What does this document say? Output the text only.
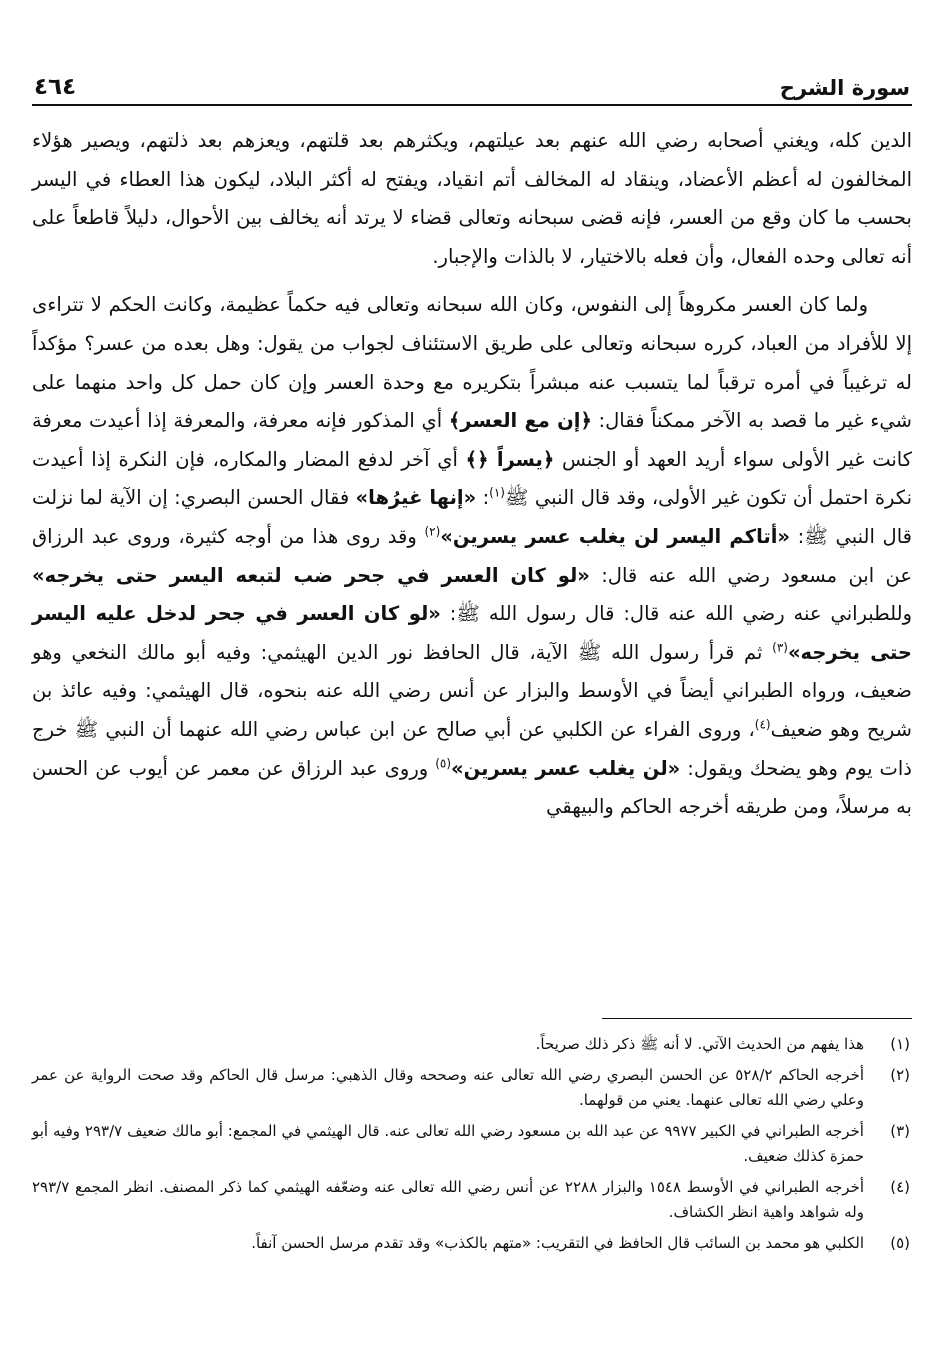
سورة الشرح
٤٦٤

الدين كله، ويغني أصحابه رضي الله عنهم بعد عيلتهم، ويكثرهم بعد قلتهم، ويعزهم بعد ذلتهم، ويصير هؤلاء المخالفون له أعظم الأعضاد، وينقاد له المخالف أتم انقياد، ويفتح له أكثر البلاد، ليكون هذا العطاء في اليسر بحسب ما كان وقع من العسر، فإنه قضى سبحانه وتعالى قضاء لا يرتد أنه يخالف بين الأحوال، دليلاً قاطعاً على أنه تعالى وحده الفعال، وأن فعله بالاختيار، لا بالذات والإجبار.

ولما كان العسر مكروهاً إلى النفوس، وكان الله سبحانه وتعالى فيه حكماً عظيمة، وكانت الحكم لا تتراءى إلا للأفراد من العباد، كرره سبحانه وتعالى على طريق الاستئناف لجواب من يقول: وهل بعده من عسر؟ مؤكداً له ترغيباً في أمره ترقباً لما يتسبب عنه مبشراً بتكريره مع وحدة العسر وإن كان حمل كل واحد منهما على شيء غير ما قصد به الآخر ممكناً فقال: ﴿إن مع العسر﴾ أي المذكور فإنه معرفة، والمعرفة إذا أعيدت معرفة كانت غير الأولى سواء أريد العهد أو الجنس ﴿يسراً ﴿﴾ أي آخر لدفع المضار والمكاره، فإن النكرة إذا أعيدت نكرة احتمل أن تكون غير الأولى، وقد قال النبي ﷺ$^{(١)}$: «إنها غيرُها» فقال الحسن البصري: إن الآية لما نزلت قال النبي ﷺ: «أتاكم اليسر لن يغلب عسر يسرين»$^{(٢)}$ وقد روى هذا من أوجه كثيرة، وروى عبد الرزاق عن ابن مسعود رضي الله عنه قال: «لو كان العسر في جحر ضب لتبعه اليسر حتى يخرجه» وللطبراني عنه رضي الله عنه قال: قال رسول الله ﷺ: «لو كان العسر في جحر لدخل عليه اليسر حتى يخرجه»$^{(٣)}$ ثم قرأ رسول الله ﷺ الآية، قال الحافظ نور الدين الهيثمي: وفيه أبو مالك النخعي وهو ضعيف، ورواه الطبراني أيضاً في الأوسط والبزار عن أنس رضي الله عنه بنحوه، قال الهيثمي: وفيه عائذ بن شريح وهو ضعيف$^{(٤)}$، وروى الفراء عن الكلبي عن أبي صالح عن ابن عباس رضي الله عنهما أن النبي ﷺ خرج ذات يوم وهو يضحك ويقول: «لن يغلب عسر يسرين»$^{(٥)}$ وروى عبد الرزاق عن معمر عن أيوب عن الحسن به مرسلاً، ومن طريقه أخرجه الحاكم والبيهقي

(١)
هذا يفهم من الحديث الآتي. لا أنه ﷺ ذكر ذلك صريحاً.
(٢)
أخرجه الحاكم ٥٢٨/٢ عن الحسن البصري رضي الله تعالى عنه وصححه وقال الذهبي: مرسل قال الحاكم وقد صحت الرواية عن عمر وعلي رضي الله تعالى عنهما. يعني من قولهما.
(٣)
أخرجه الطبراني في الكبير ٩٩٧٧ عن عبد الله بن مسعود رضي الله تعالى عنه. قال الهيثمي في المجمع: أبو مالك ضعيف ٢٩٣/٧ وفيه أبو حمزة كذلك ضعيف.
(٤)
أخرجه الطبراني في الأوسط ١٥٤٨ والبزار ٢٢٨٨ عن أنس رضي الله تعالى عنه وضعّفه الهيثمي كما ذكر المصنف. انظر المجمع ٢٩٣/٧ وله شواهد واهية انظر الكشاف.
(٥)
الكلبي هو محمد بن السائب قال الحافظ في التقريب: «متهم بالكذب» وقد تقدم مرسل الحسن آنفاً.
